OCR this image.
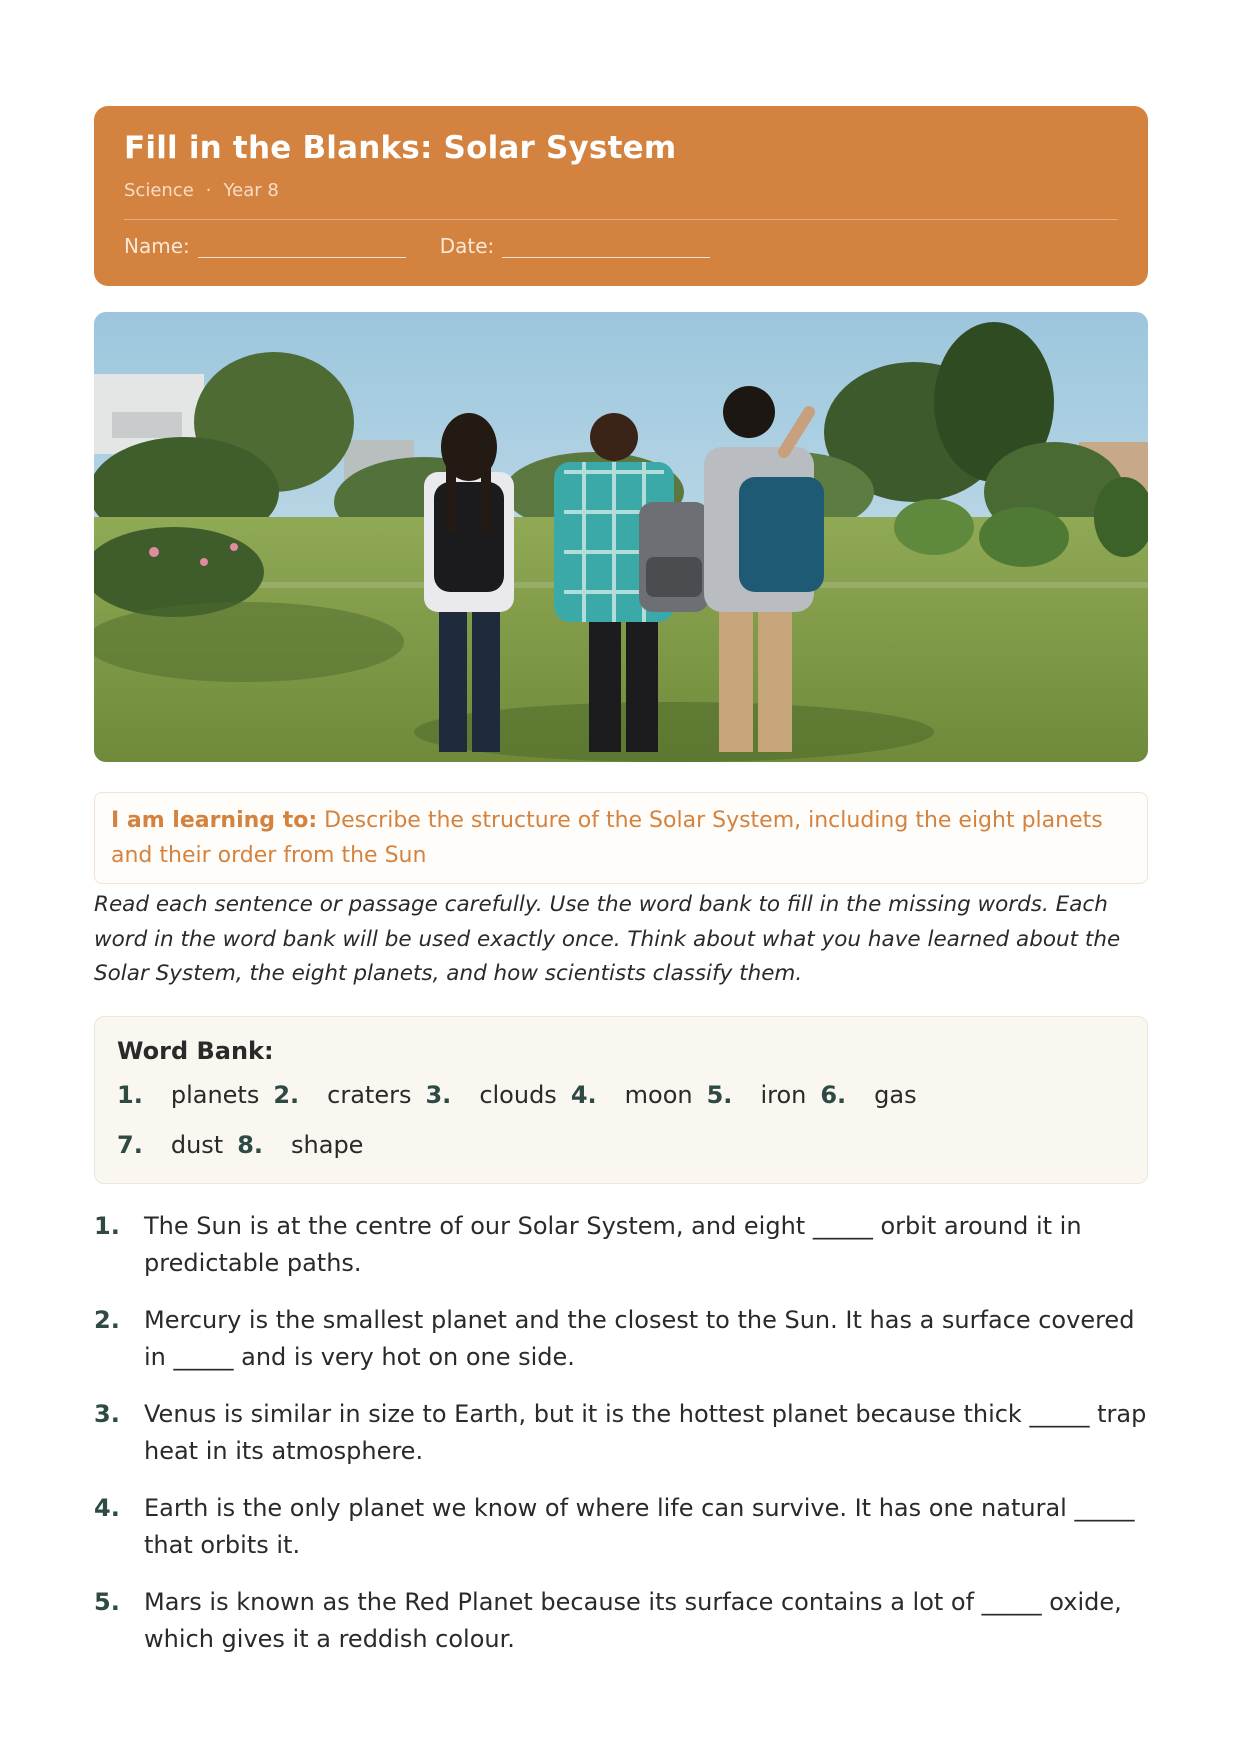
Fill in the Blanks: Solar System
Science · Year 8
Name:	Date:
I am learning to: Describe the structure of the Solar System, including the eight planets and their order from the Sun
Read each sentence or passage carefully. Use the word bank to fill in the missing words. Each word in the word bank will be used exactly once. Think about what you have learned about the Solar System, the eight planets, and how scientists classify them.
Word Bank:
1. planets 2. craters 3. clouds 4. moon 5. iron 6. gas
7. dust 8. shape
1.	The Sun is at the centre of our Solar System, and eight _____ orbit around it in predictable paths.
2.	Mercury is the smallest planet and the closest to the Sun. It has a surface covered in _____ and is very hot on one side.
3.	Venus is similar in size to Earth, but it is the hottest planet because thick _____ trap heat in its atmosphere.
4.	Earth is the only planet we know of where life can survive. It has one natural _____ that orbits it.
5.	Mars is known as the Red Planet because its surface contains a lot of _____ oxide, which gives it a reddish colour.
